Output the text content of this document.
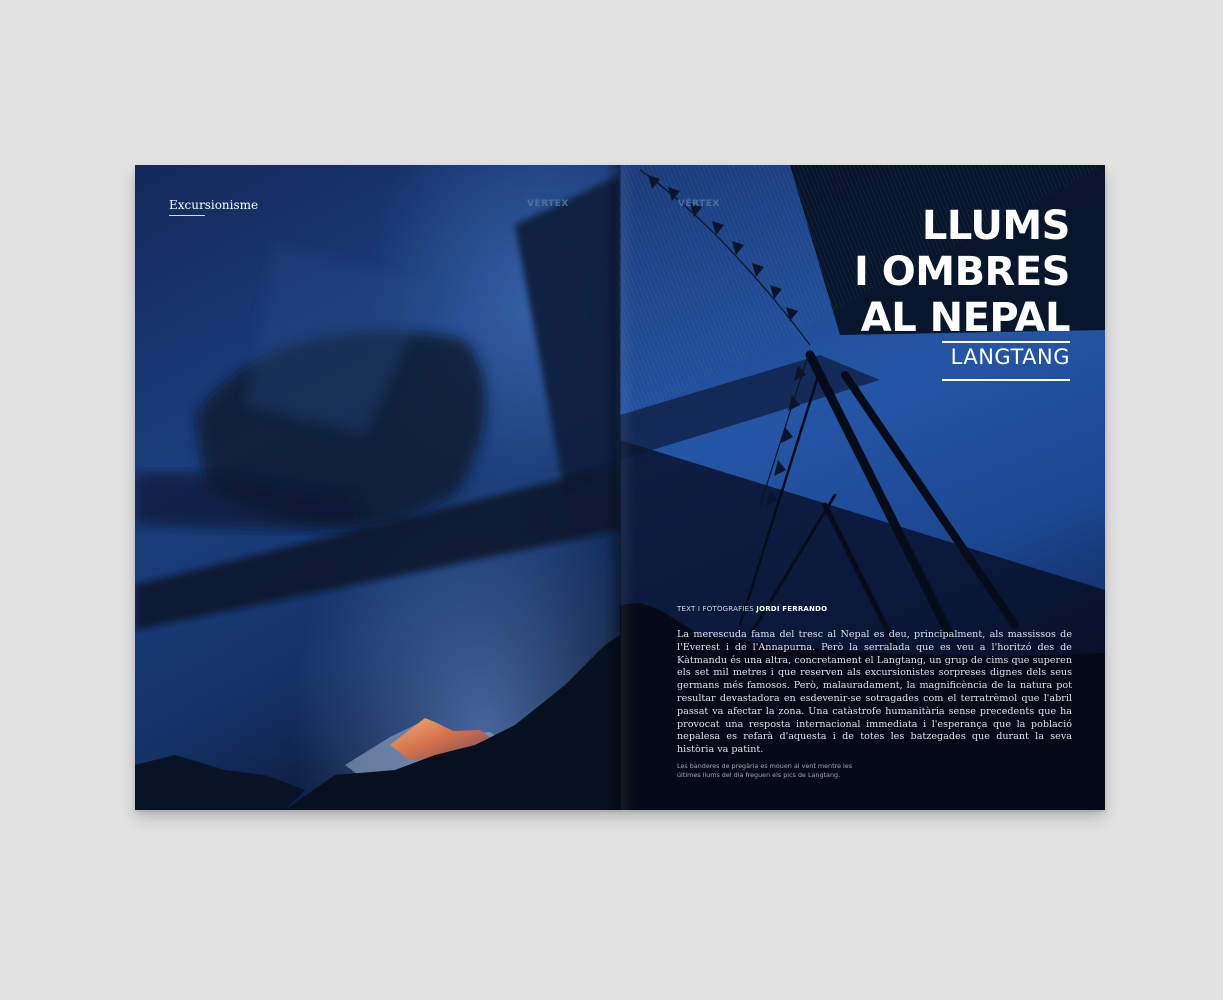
Excursionisme	VÈRTEX	VÈRTEX	LLUMS
I OMBRES
AL NEPAL
LANGTANG
TEXT I FOTOGRAFIES JORDI FERRANDO
La merescuda fama del tresc al Nepal es deu, principalment, als massissos de l'Everest i de l'Annapurna. Però la serralada que es veu a l'horitzó des de Kàtmandu és una altra, concretament el Langtang, un grup de cims que superen els set mil metres i que reserven als excursionistes sorpreses dignes dels seus germans més famosos. Però, malauradament, la magnificència de la natura pot resultar devastadora en esdevenir-se sotragades com el terratrèmol que l'abril passat va afectar la zona. Una catàstrofe humanitària sense precedents que ha provocat una resposta internacional immediata i l'esperança que la població nepalesa es refarà d'aquesta i de totes les batzegades que durant la seva història va patint.
Les banderes de pregària es mouen al vent mentre les últimes llums del dia freguen els pics de Langtang.
